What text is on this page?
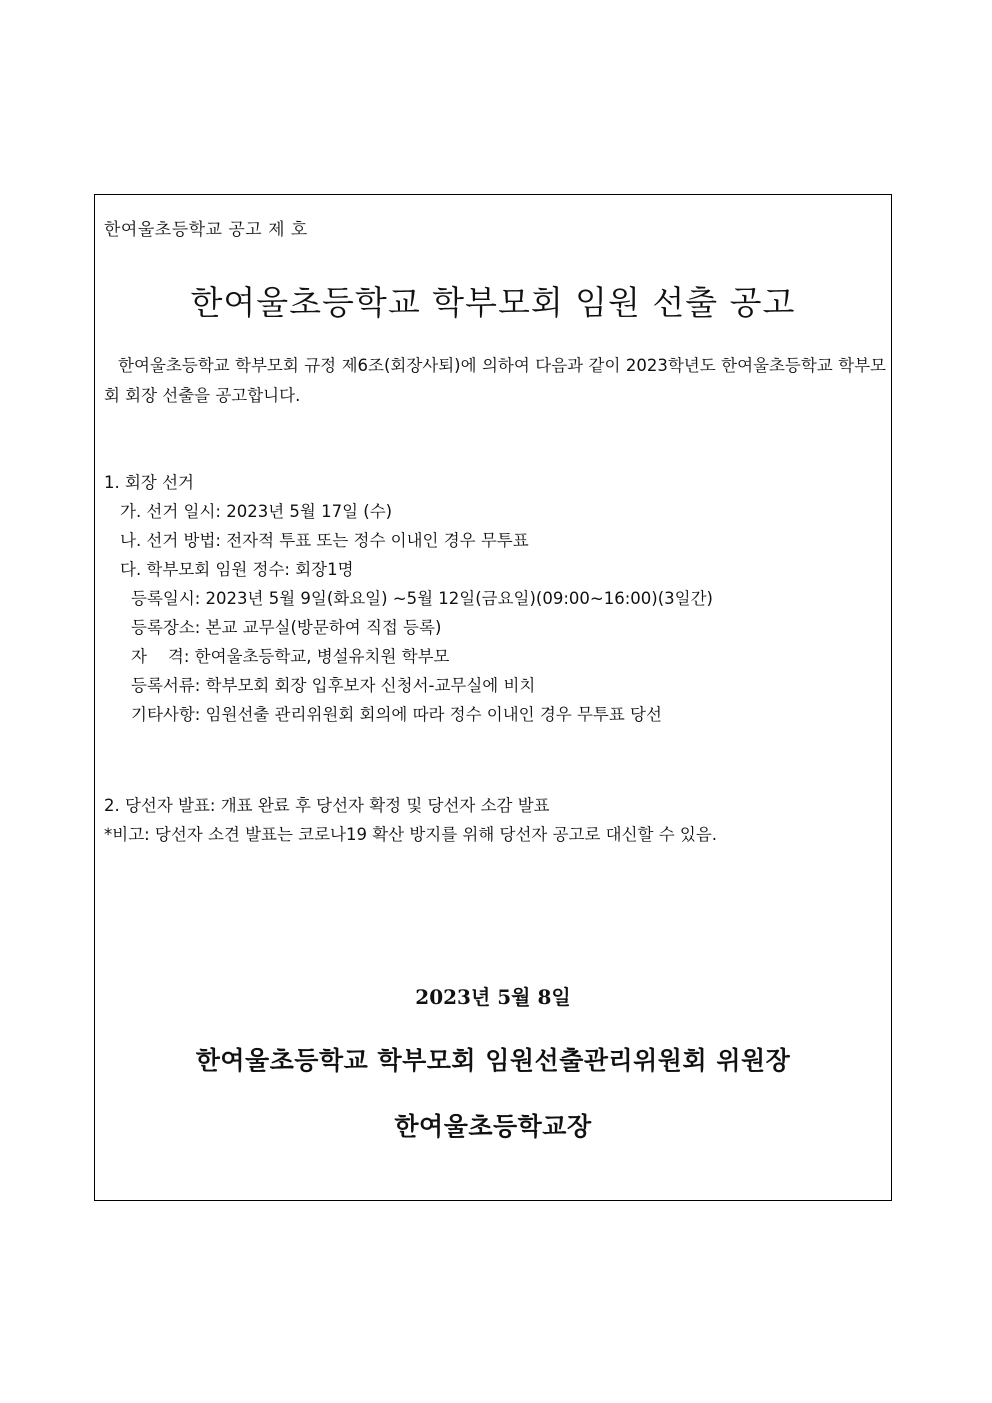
한여울초등학교 공고 제 호
한여울초등학교 학부모회 임원 선출 공고
한여울초등학교 학부모회 규정 제6조(회장사퇴)에 의하여 다음과 같이 2023학년도 한여울초등학교 학부모회 회장 선출을 공고합니다.
1. 회장 선거
가. 선거 일시: 2023년 5월 17일 (수)
나. 선거 방법: 전자적 투표 또는 정수 이내인 경우 무투표
다. 학부모회 임원 정수: 회장1명
등록일시: 2023년 5월 9일(화요일) ~5월 12일(금요일)(09:00~16:00)(3일간)
등록장소: 본교 교무실(방문하여 직접 등록)
자    격: 한여울초등학교, 병설유치원 학부모
등록서류: 학부모회 회장 입후보자 신청서-교무실에 비치
기타사항: 임원선출 관리위원회 회의에 따라 정수 이내인 경우 무투표 당선
2. 당선자 발표: 개표 완료 후 당선자 확정 및 당선자 소감 발표
*비고: 당선자 소견 발표는 코로나19 확산 방지를 위해 당선자 공고로 대신할 수 있음.
2023년 5월 8일
한여울초등학교 학부모회 임원선출관리위원회 위원장
한여울초등학교장
